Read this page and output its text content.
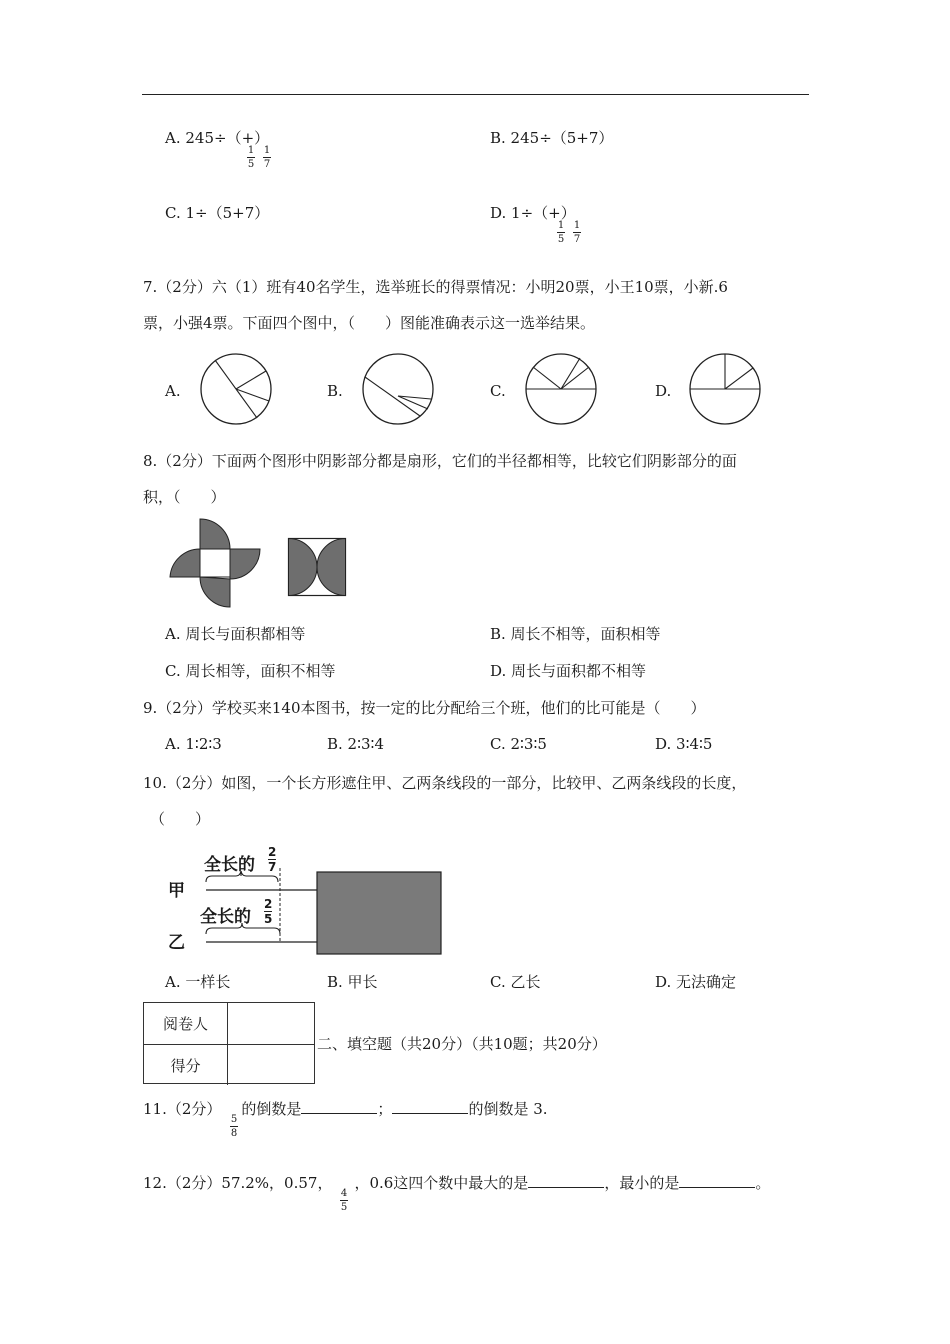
A. 245÷（+）
1
5
1
7
B. 245÷（5+7）
C. 1÷（5+7）	D. 1÷（+）
1
5
1
7
7.（2分）六（1）班有40名学生，选举班长的得票情况：小明20票，小王10票，小新.6
票，小强4票。下面四个图中，（　　）图能准确表示这一选举结果。
A.	B.	C.	D.
8.（2分）下面两个图形中阴影部分都是扇形，它们的半径都相等，比较它们阴影部分的面
积，（　　）
A. 周长与面积都相等	B. 周长不相等，面积相等
C. 周长相等，面积不相等	D. 周长与面积都不相等
9.（2分）学校买来140本图书，按一定的比分配给三个班，他们的比可能是（　　）
A. 1∶2∶3	B. 2∶3∶4	C. 2∶3∶5	D. 3∶4∶5
10.（2分）如图，一个长方形遮住甲、乙两条线段的一部分，比较甲、乙两条线段的长度，
（　　）
全长的
2
7
全长的
2
5
甲
乙
A. 一样长	B. 甲长	C. 乙长	D. 无法确定
阅卷人
得分
二、填空题（共20分）（共10题；共20分）
11.（2分） 的倒数是	；	的倒数是 3.
5
8
12.（2分）57.2%，0.57， ，0.6这四个数中最大的是	，最小的是	。
4
5
